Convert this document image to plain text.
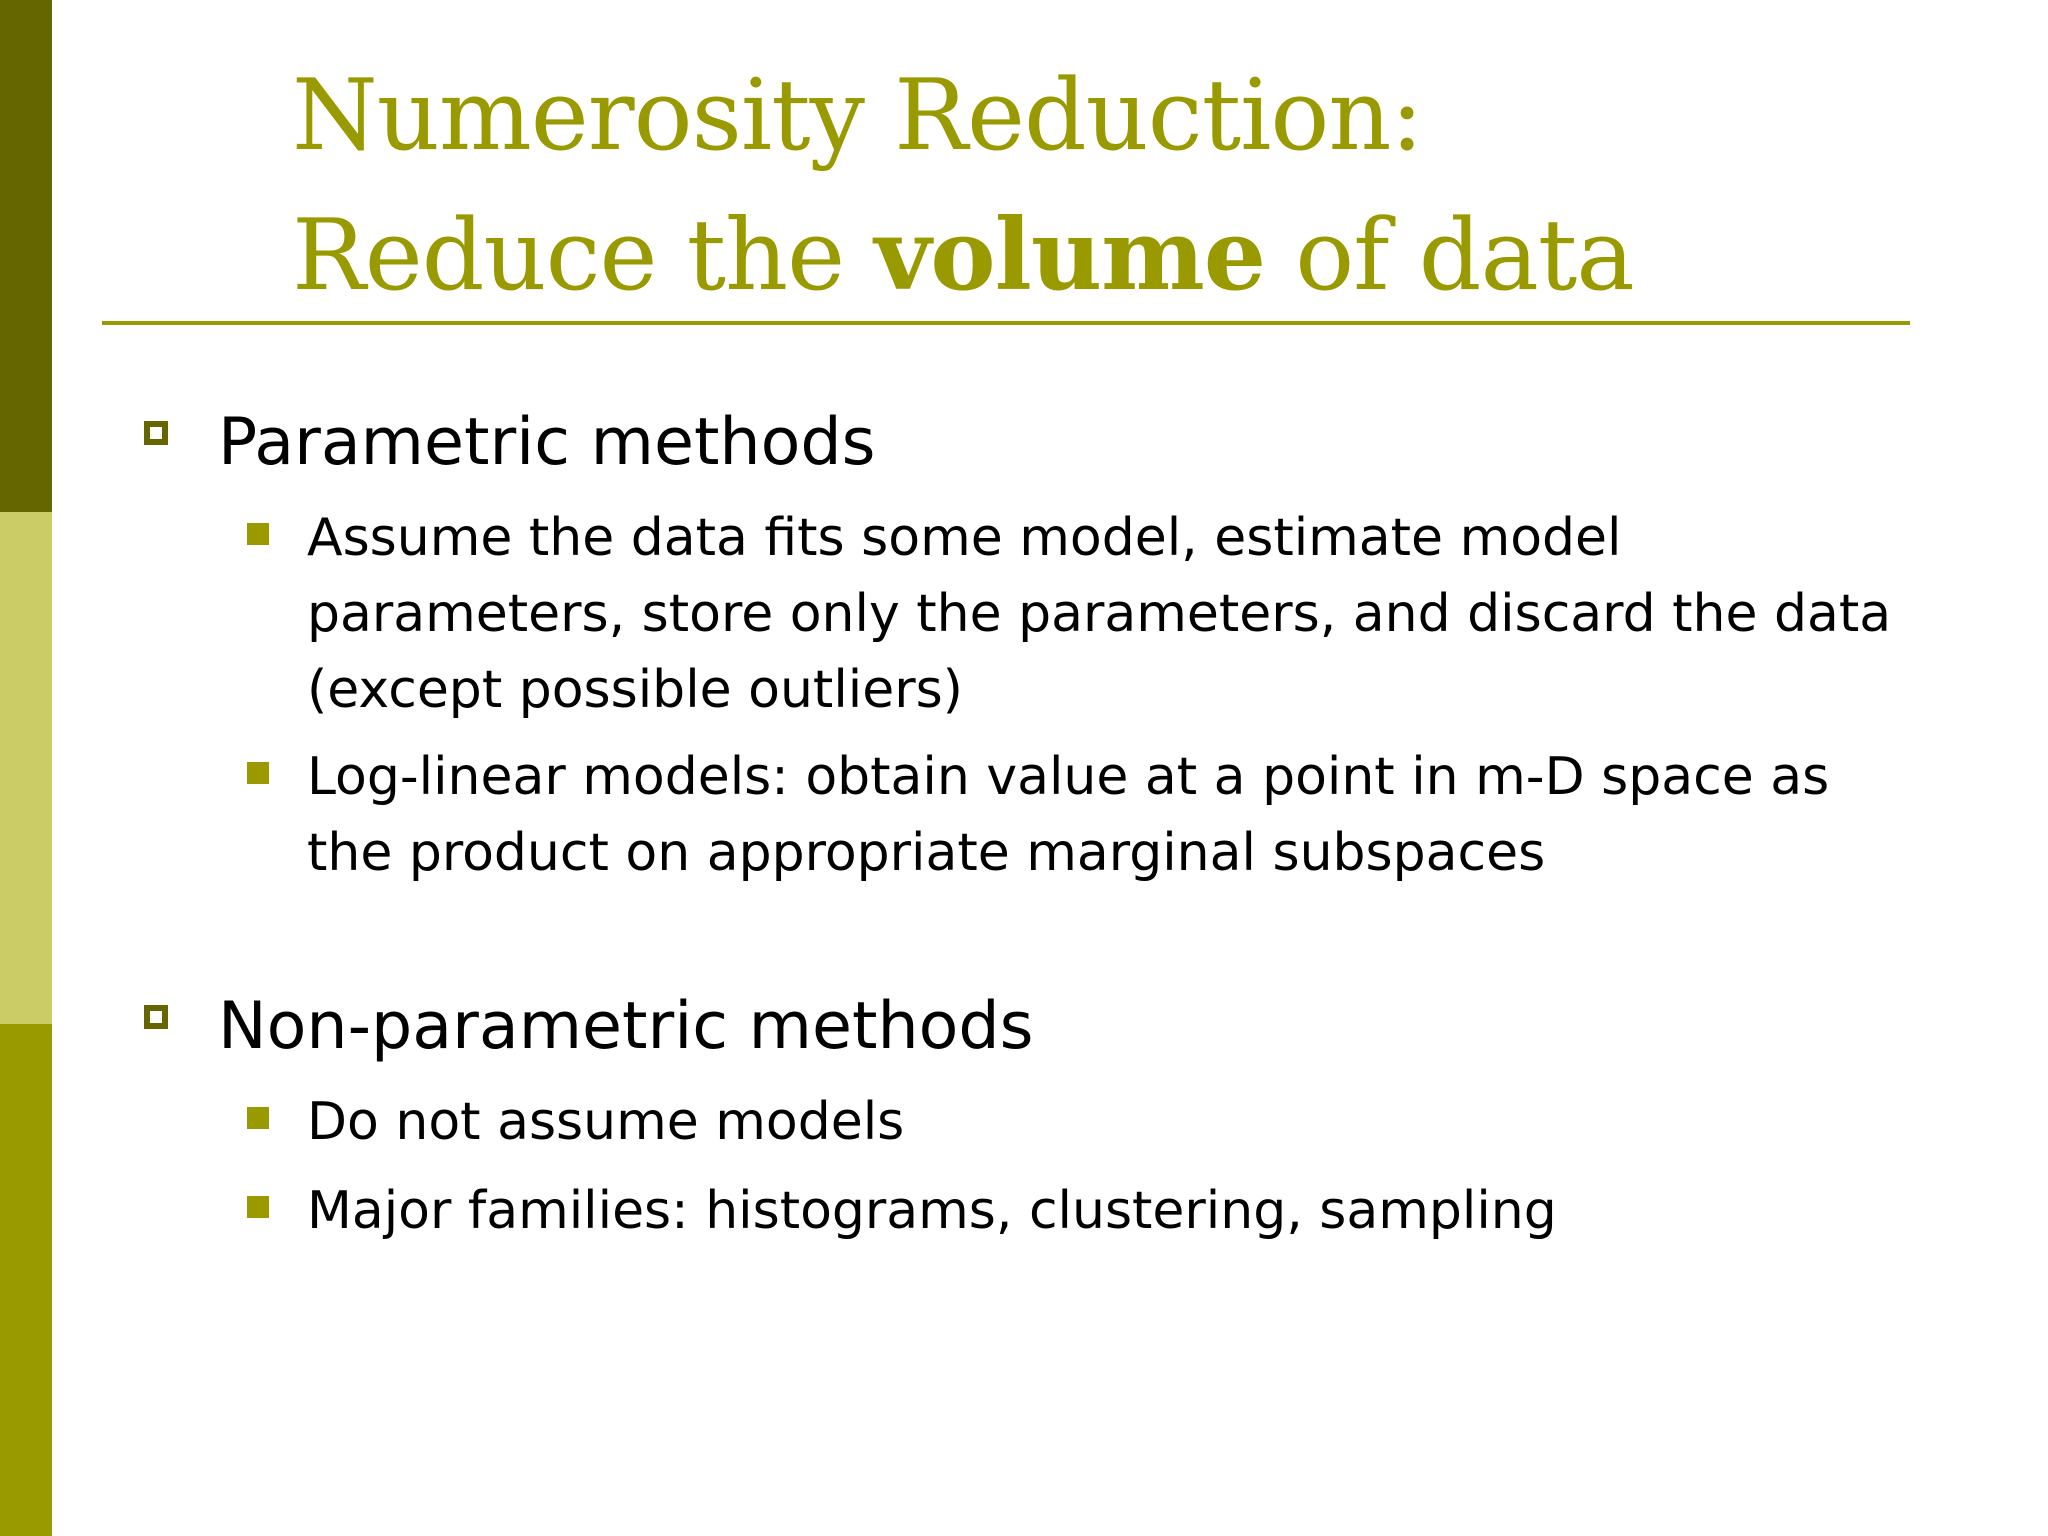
Numerosity Reduction:
Reduce the volume of data
Parametric methods
Assume the data fits some model, estimate model parameters, store only the parameters, and discard the data (except possible outliers)
Log-linear models: obtain value at a point in m-D space as the product on appropriate marginal subspaces
Non-parametric methods
Do not assume models
Major families: histograms, clustering, sampling
